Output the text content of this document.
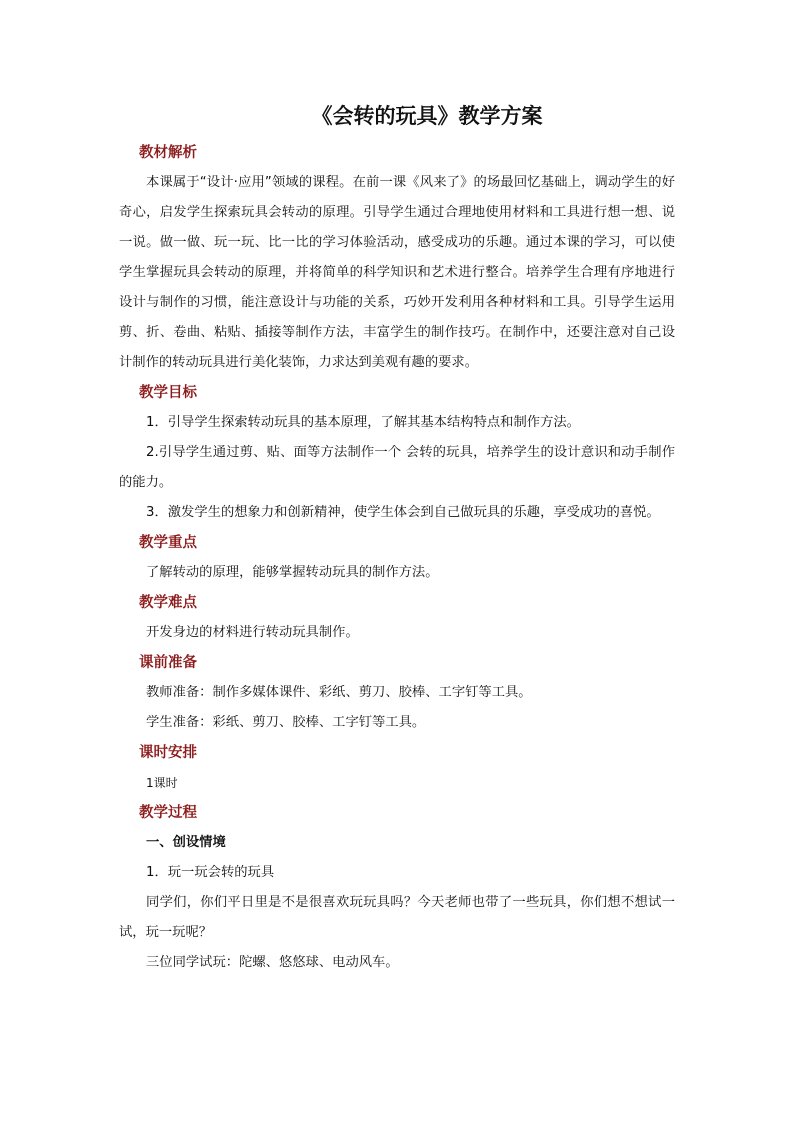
《会转的玩具》教学方案
教材解析
本课属于“设计·应用”领域的课程。在前一课《风来了》的场最回忆基础上，调动学生的好奇心，启发学生探索玩具会转动的原理。引导学生通过合理地使用材料和工具进行想一想、说一说。做一做、玩一玩、比一比的学习体验活动，感受成功的乐趣。通过本课的学习，可以使学生掌握玩具会转动的原理，并将简单的科学知识和艺术进行整合。培养学生合理有序地进行设计与制作的习惯，能注意设计与功能的关系，巧妙开发利用各种材料和工具。引导学生运用剪、折、卷曲、粘贴、插接等制作方法，丰富学生的制作技巧。在制作中，还要注意对自己设计制作的转动玩具进行美化装饰，力求达到美观有趣的要求。
教学目标
1．引导学生探索转动玩具的基本原理，了解其基本结构特点和制作方法。
2.引导学生通过剪、贴、面等方法制作一个 会转的玩具，培养学生的设计意识和动手制作的能力。
3．激发学生的想象力和创新精神，使学生体会到自己做玩具的乐趣，享受成功的喜悦。
教学重点
了解转动的原理，能够掌握转动玩具的制作方法。
教学难点
开发身边的材料进行转动玩具制作。
课前准备
教师准备：制作多媒体课件、彩纸、剪刀、胶棒、工字钉等工具。
学生准备：彩纸、剪刀、胶棒、工字钉等工具。
课时安排
1课时
教学过程
一、创设情境
1．玩一玩会转的玩具
同学们，你们平日里是不是很喜欢玩玩具吗？今天老师也带了一些玩具，你们想不想试一试，玩一玩呢？
三位同学试玩：陀螺、悠悠球、电动风车。
